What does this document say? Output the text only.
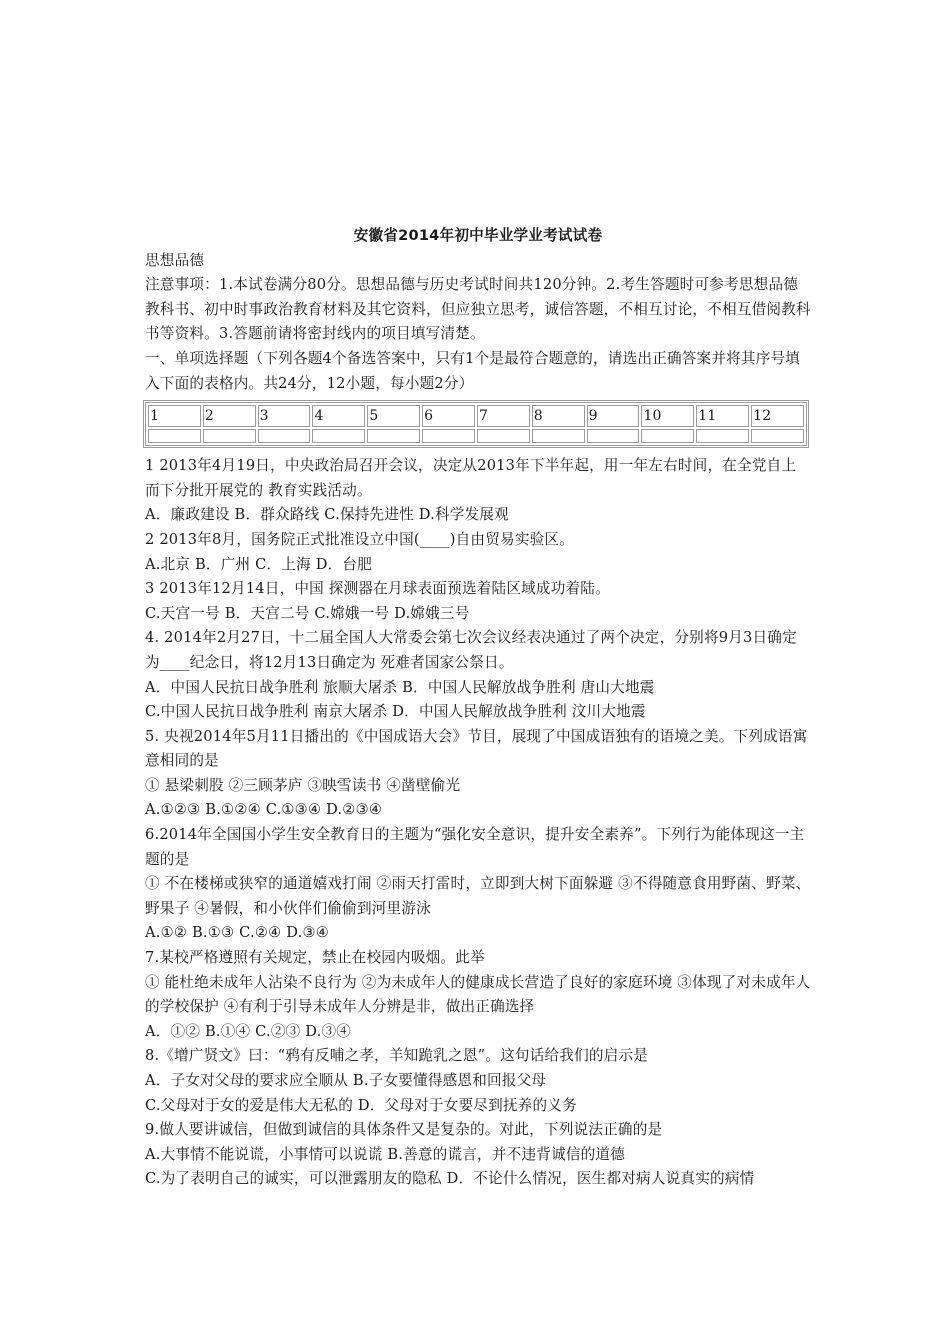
安徽省2014年初中毕业学业考试试卷

思想品德

注意事项：1.本试卷满分80分。思想品德与历史考试时间共120分钟。2.考生答题时可参考思想品德教科书、初中时事政治教育材料及其它资料，但应独立思考，诚信答题，不相互讨论，不相互借阅教科书等资料。3.答题前请将密封线内的项目填写清楚。

一、单项选择题（下列各题4个备选答案中，只有1个是最符合题意的，请选出正确答案并将其序号填入下面的表格内。共24分，12小题，每小题2分）

1	2	3	4	5	6	7	8	9	10	11	12

1 2013年4月19日，中央政治局召开会议，决定从2013年下半年起，用一年左右时间，在全党自上而下分批开展党的 教育实践活动。

A．廉政建设 B．群众路线 C.保持先进性 D.科学发展观

2 2013年8月，国务院正式批准设立中国(____)自由贸易实验区。

A.北京 B．广州 C．上海 D．台肥

3 2013年12月14日，中国 探测器在月球表面预选着陆区域成功着陆。

C.天宫一号 B．天宫二号 C.嫦娥一号 D.嫦娥三号

4. 2014年2月27日，十二届全国人大常委会第七次会议经表决通过了两个决定，分别将9月3日确定为____纪念日，将12月13日确定为 死难者国家公祭日。

A．中国人民抗日战争胜利 旅顺大屠杀 B．中国人民解放战争胜利 唐山大地震

C.中国人民抗日战争胜利 南京大屠杀 D．中国人民解放战争胜利 汶川大地震

5. 央视2014年5月11日播出的《中国成语大会》节目，展现了中国成语独有的语境之美。下列成语寓意相同的是

① 悬梁刺股 ②三顾茅庐 ③映雪读书 ④凿壁偷光

A.①②③ B.①②④ C.①③④ D.②③④

6.2014年全国国小学生安全教育日的主题为“强化安全意识，提升安全素养”。下列行为能体现这一主题的是

① 不在楼梯或狭窄的通道嬉戏打闹 ②雨天打雷时，立即到大树下面躲避 ③不得随意食用野菌、野菜、野果子 ④暑假，和小伙伴们偷偷到河里游泳

A.①② B.①③ C.②④ D.③④

7.某校严格遵照有关规定，禁止在校园内吸烟。此举

① 能杜绝未成年人沾染不良行为 ②为未成年人的健康成长营造了良好的家庭环境 ③体现了对未成年人的学校保护 ④有利于引导未成年人分辨是非，做出正确选择

A．①② B.①④ C.②③ D.③④

8.《增广贤文》曰：“鸦有反哺之孝，羊知跪乳之恩”。这句话给我们的启示是

A．子女对父母的要求应全顺从 B.子女要懂得感恩和回报父母

C.父母对于女的爱是伟大无私的 D．父母对于女要尽到抚养的义务

9.做人要讲诚信，但做到诚信的具体条件又是复杂的。对此，下列说法正确的是

A.大事情不能说谎，小事情可以说谎 B.善意的谎言，并不违背诚信的道德

C.为了表明自己的诚实，可以泄露朋友的隐私 D．不论什么情况，医生都对病人说真实的病情
